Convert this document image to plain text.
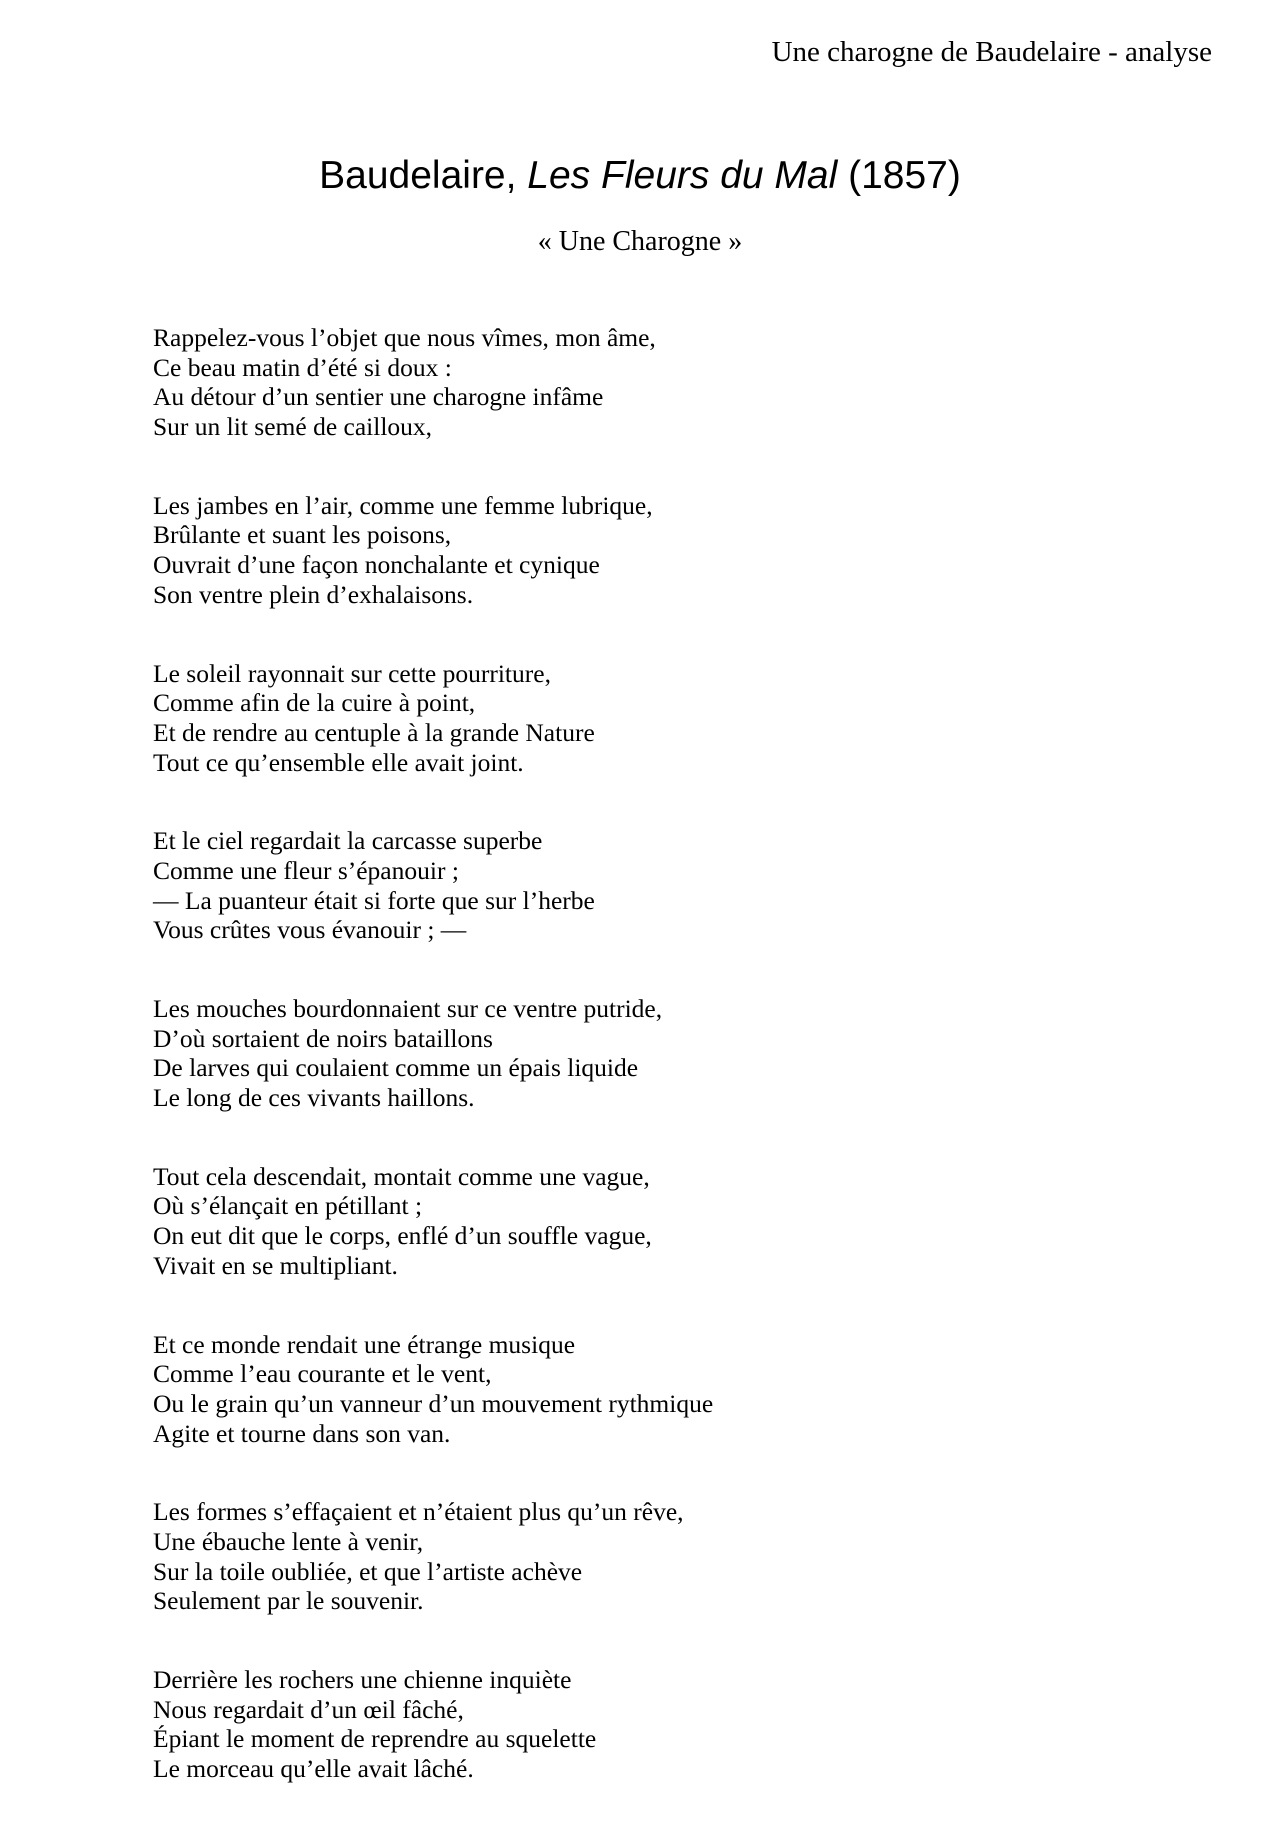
Une charogne de Baudelaire - analyse
Baudelaire, Les Fleurs du Mal (1857)
« Une Charogne »
Rappelez-vous l’objet que nous vîmes, mon âme,
Ce beau matin d’été si doux :
Au détour d’un sentier une charogne infâme
Sur un lit semé de cailloux,
Les jambes en l’air, comme une femme lubrique,
Brûlante et suant les poisons,
Ouvrait d’une façon nonchalante et cynique
Son ventre plein d’exhalaisons.
Le soleil rayonnait sur cette pourriture,
Comme afin de la cuire à point,
Et de rendre au centuple à la grande Nature
Tout ce qu’ensemble elle avait joint.
Et le ciel regardait la carcasse superbe
Comme une fleur s’épanouir ;
— La puanteur était si forte que sur l’herbe
Vous crûtes vous évanouir ; —
Les mouches bourdonnaient sur ce ventre putride,
D’où sortaient de noirs bataillons
De larves qui coulaient comme un épais liquide
Le long de ces vivants haillons.
Tout cela descendait, montait comme une vague,
Où s’élançait en pétillant ;
On eut dit que le corps, enflé d’un souffle vague,
Vivait en se multipliant.
Et ce monde rendait une étrange musique
Comme l’eau courante et le vent,
Ou le grain qu’un vanneur d’un mouvement rythmique
Agite et tourne dans son van.
Les formes s’effaçaient et n’étaient plus qu’un rêve,
Une ébauche lente à venir,
Sur la toile oubliée, et que l’artiste achève
Seulement par le souvenir.
Derrière les rochers une chienne inquiète
Nous regardait d’un œil fâché,
Épiant le moment de reprendre au squelette
Le morceau qu’elle avait lâché.
